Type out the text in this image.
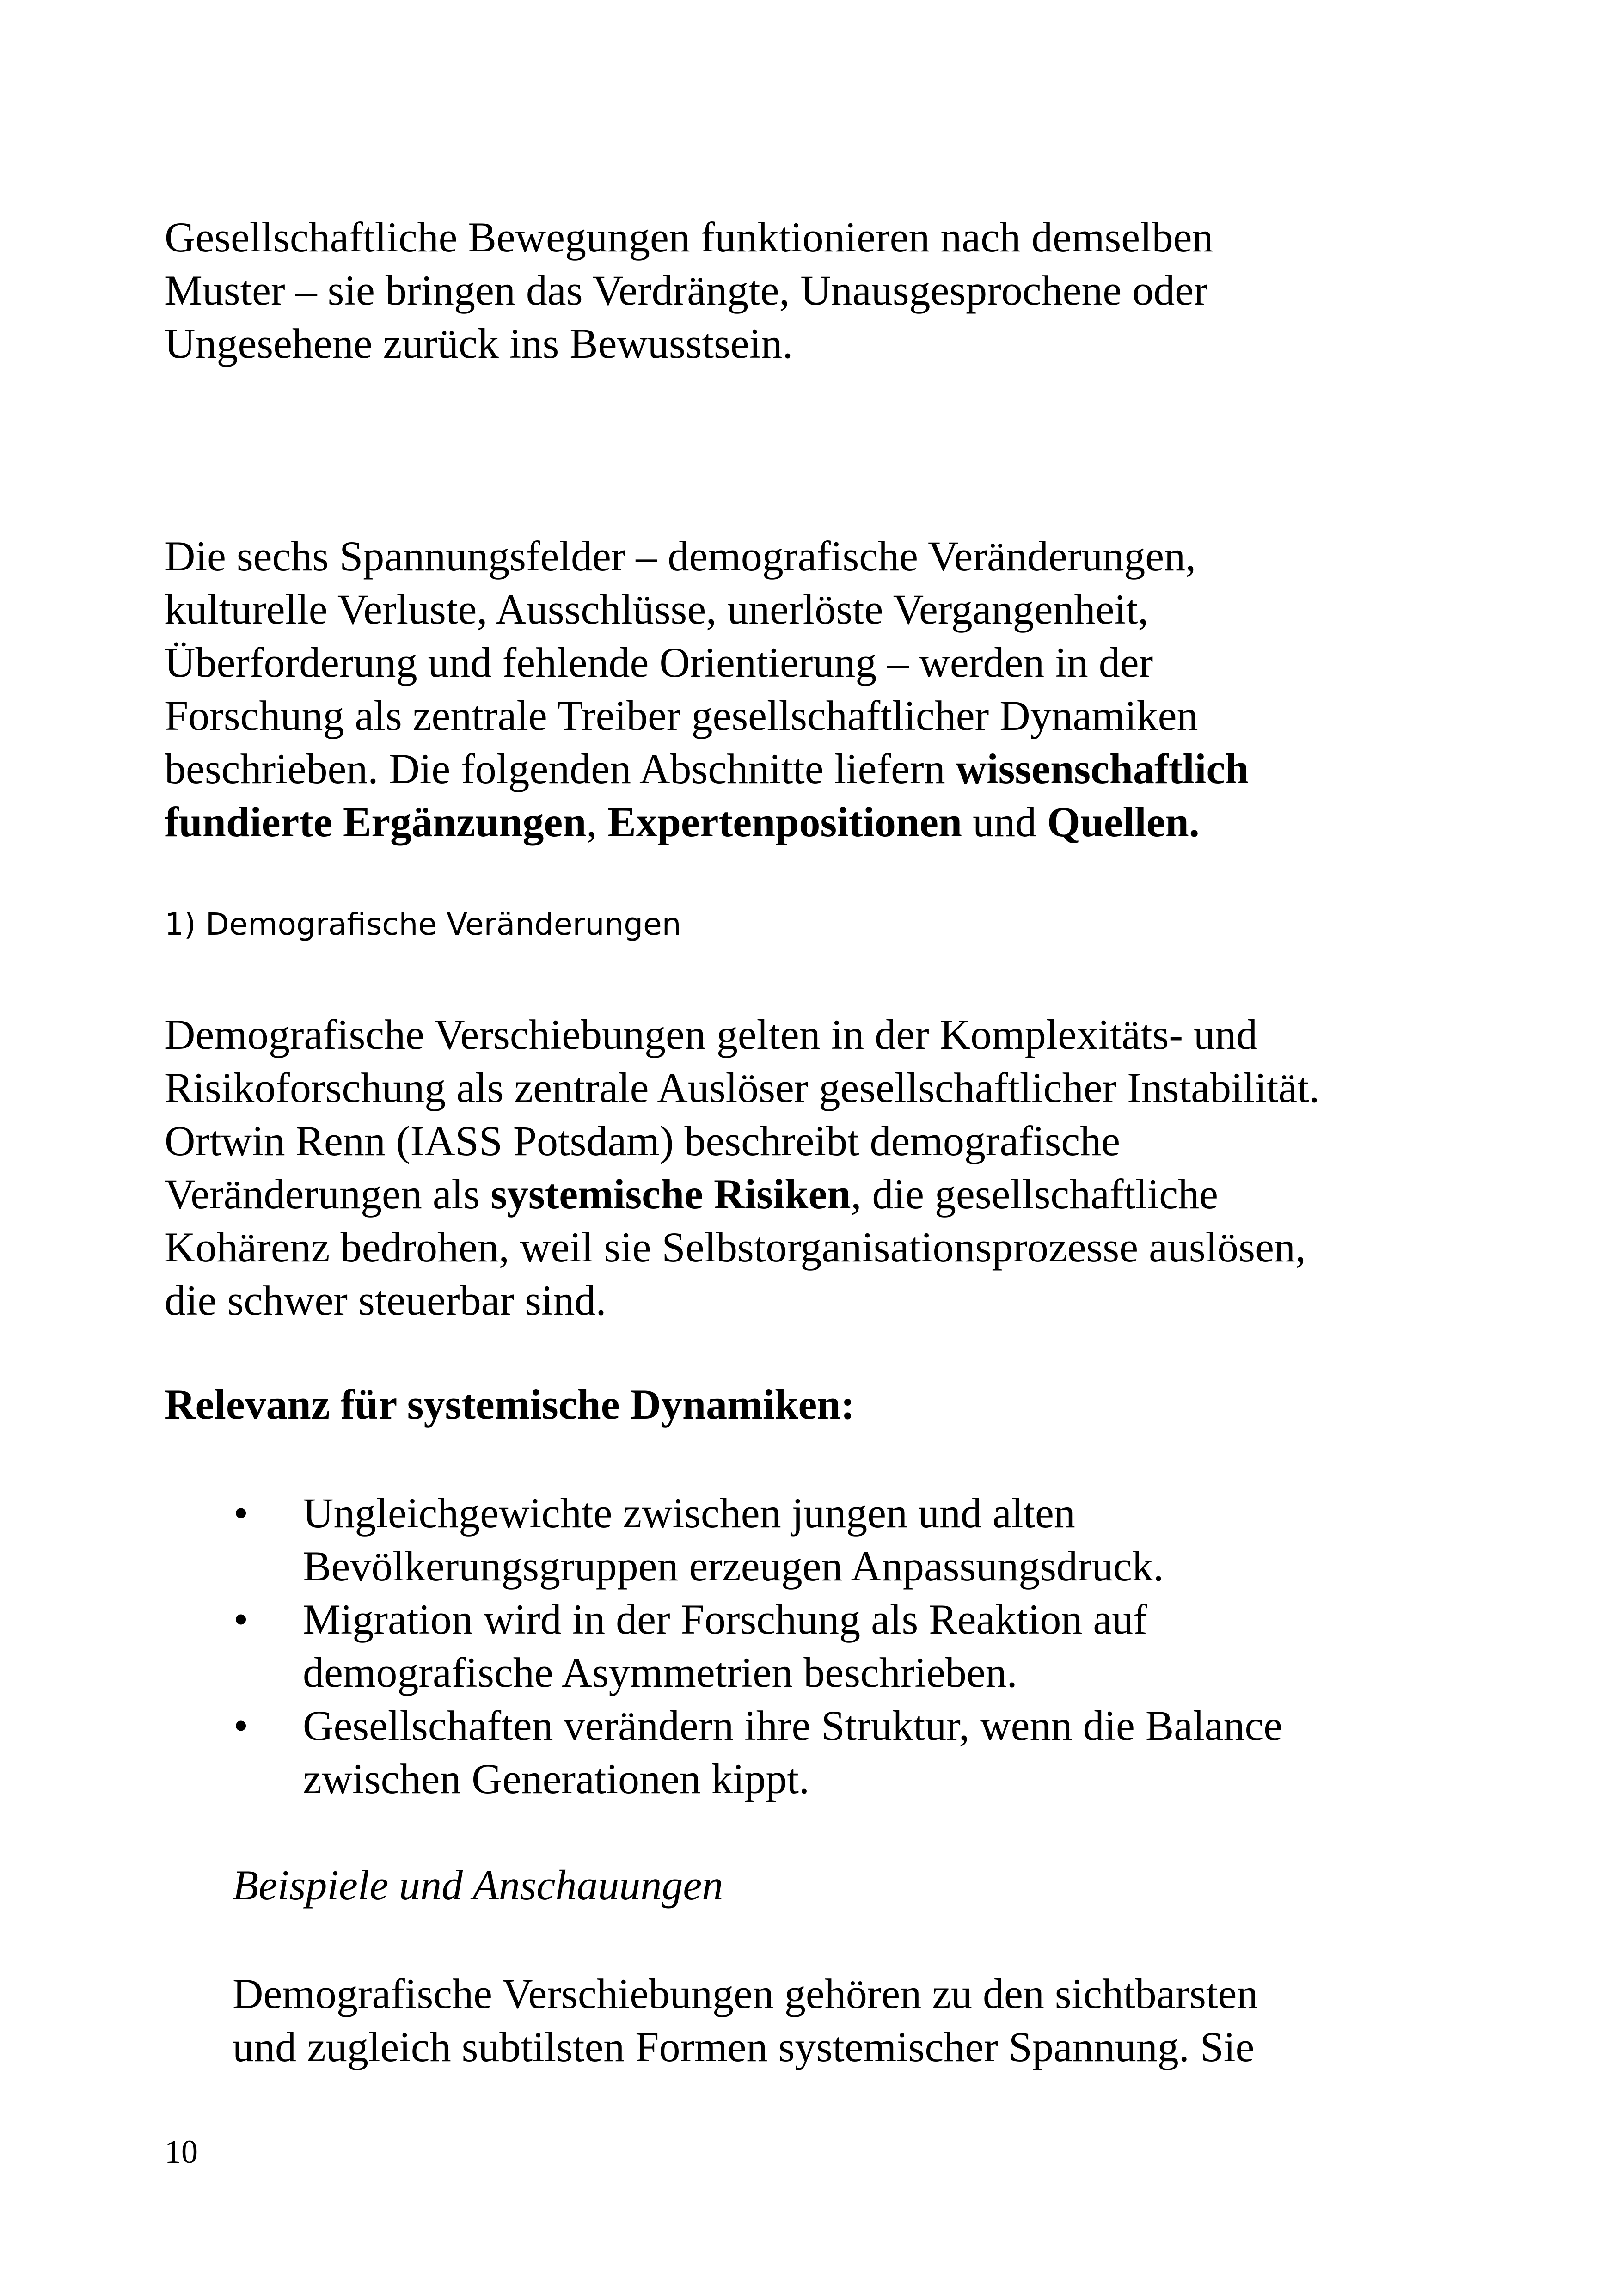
Gesellschaftliche Bewegungen funktionieren nach demselben

Muster – sie bringen das Verdrängte, Unausgesprochene oder

Ungesehene zurück ins Bewusstsein.

Die sechs Spannungsfelder – demografische Veränderungen,

kulturelle Verluste, Ausschlüsse, unerlöste Vergangenheit,

Überforderung und fehlende Orientierung – werden in der

Forschung als zentrale Treiber gesellschaftlicher Dynamiken

beschrieben. Die folgenden Abschnitte liefern wissenschaftlich

fundierte Ergänzungen, Expertenpositionen und Quellen.

1) Demografische Veränderungen

Demografische Verschiebungen gelten in der Komplexitäts- und

Risikoforschung als zentrale Auslöser gesellschaftlicher Instabilität.

Ortwin Renn (IASS Potsdam) beschreibt demografische

Veränderungen als systemische Risiken, die gesellschaftliche

Kohärenz bedrohen, weil sie Selbstorganisationsprozesse auslösen,

die schwer steuerbar sind.

Relevanz für systemische Dynamiken:

• Ungleichgewichte zwischen jungen und alten

Bevölkerungsgruppen erzeugen Anpassungsdruck.

• Migration wird in der Forschung als Reaktion auf

demografische Asymmetrien beschrieben.

• Gesellschaften verändern ihre Struktur, wenn die Balance

zwischen Generationen kippt.

Beispiele und Anschauungen

Demografische Verschiebungen gehören zu den sichtbarsten

und zugleich subtilsten Formen systemischer Spannung. Sie

10
